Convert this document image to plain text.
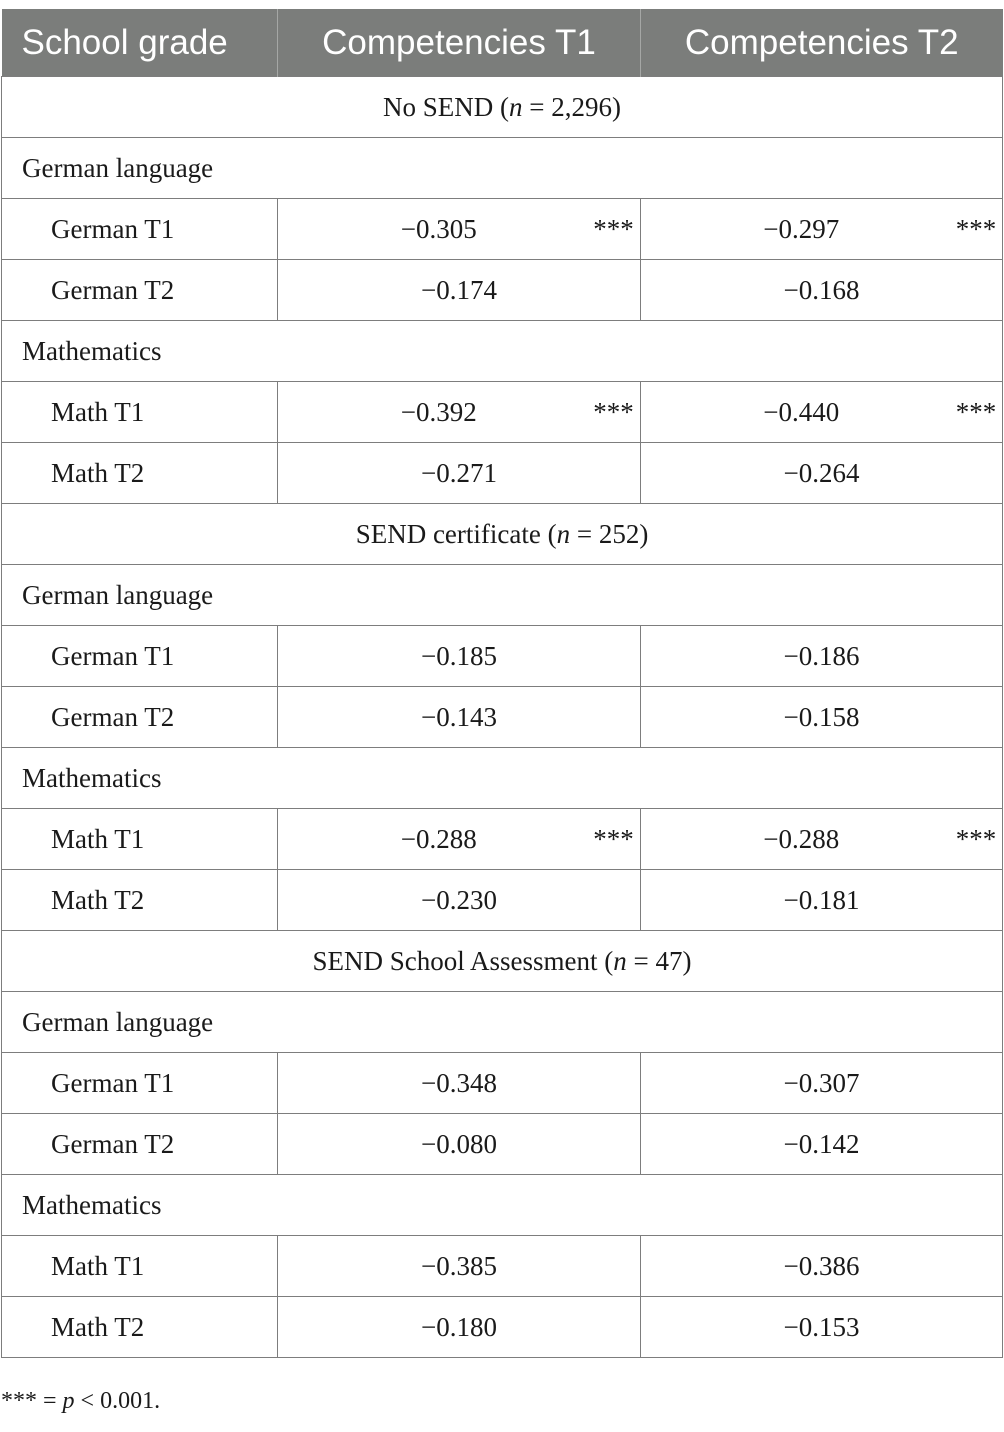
School grade	Competencies T1	Competencies T2
No SEND (n = 2,296)		
German language		
German T1	−0.305 ***	−0.297 ***
German T2	−0.174	−0.168
Mathematics		
Math T1	−0.392 ***	−0.440 ***
Math T2	−0.271	−0.264
SEND certificate (n = 252)		
German language		
German T1	−0.185	−0.186
German T2	−0.143	−0.158
Mathematics		
Math T1	−0.288 ***	−0.288 ***
Math T2	−0.230	−0.181
SEND School Assessment (n = 47)		
German language		
German T1	−0.348	−0.307
German T2	−0.080	−0.142
Mathematics		
Math T1	−0.385	−0.386
Math T2	−0.180	−0.153
*** = p < 0.001.
